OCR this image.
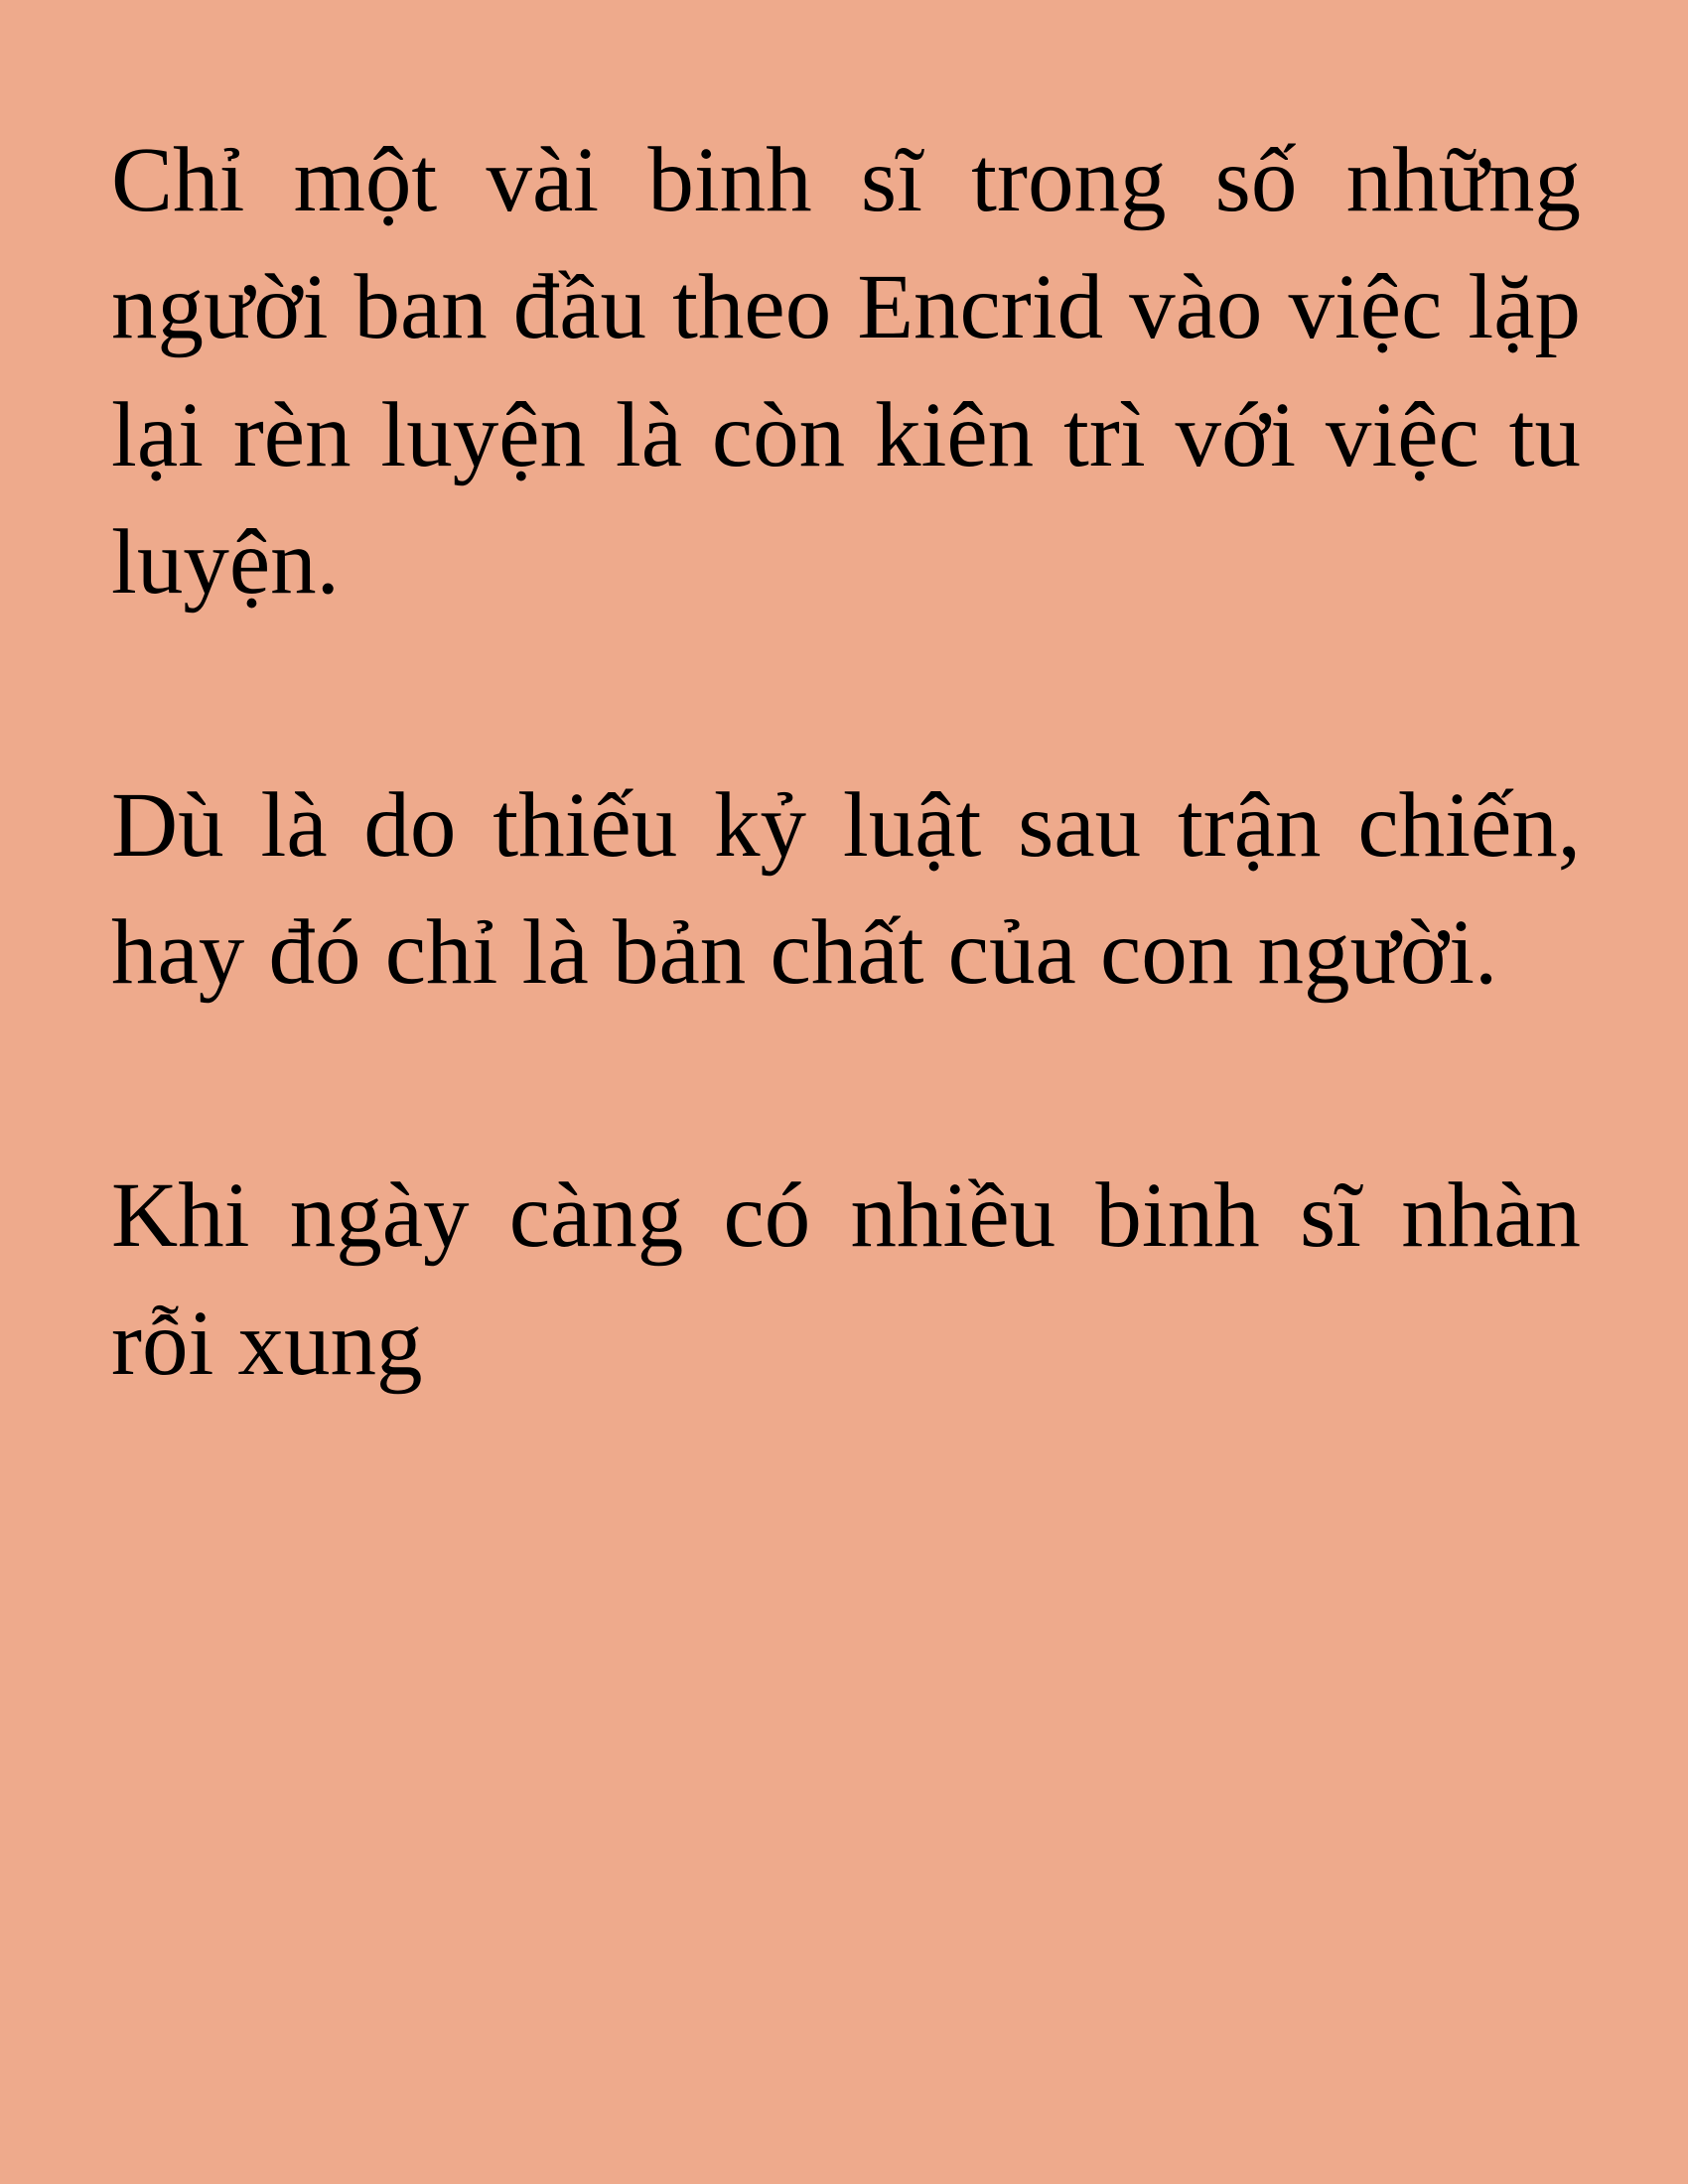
Chỉ một vài binh sĩ trong số những người ban đầu theo Encrid vào việc lặp lại rèn luyện là còn kiên trì với việc tu luyện.

Dù là do thiếu kỷ luật sau trận chiến, hay đó chỉ là bản chất của con người.

Khi ngày càng có nhiều binh sĩ nhàn rỗi xung
